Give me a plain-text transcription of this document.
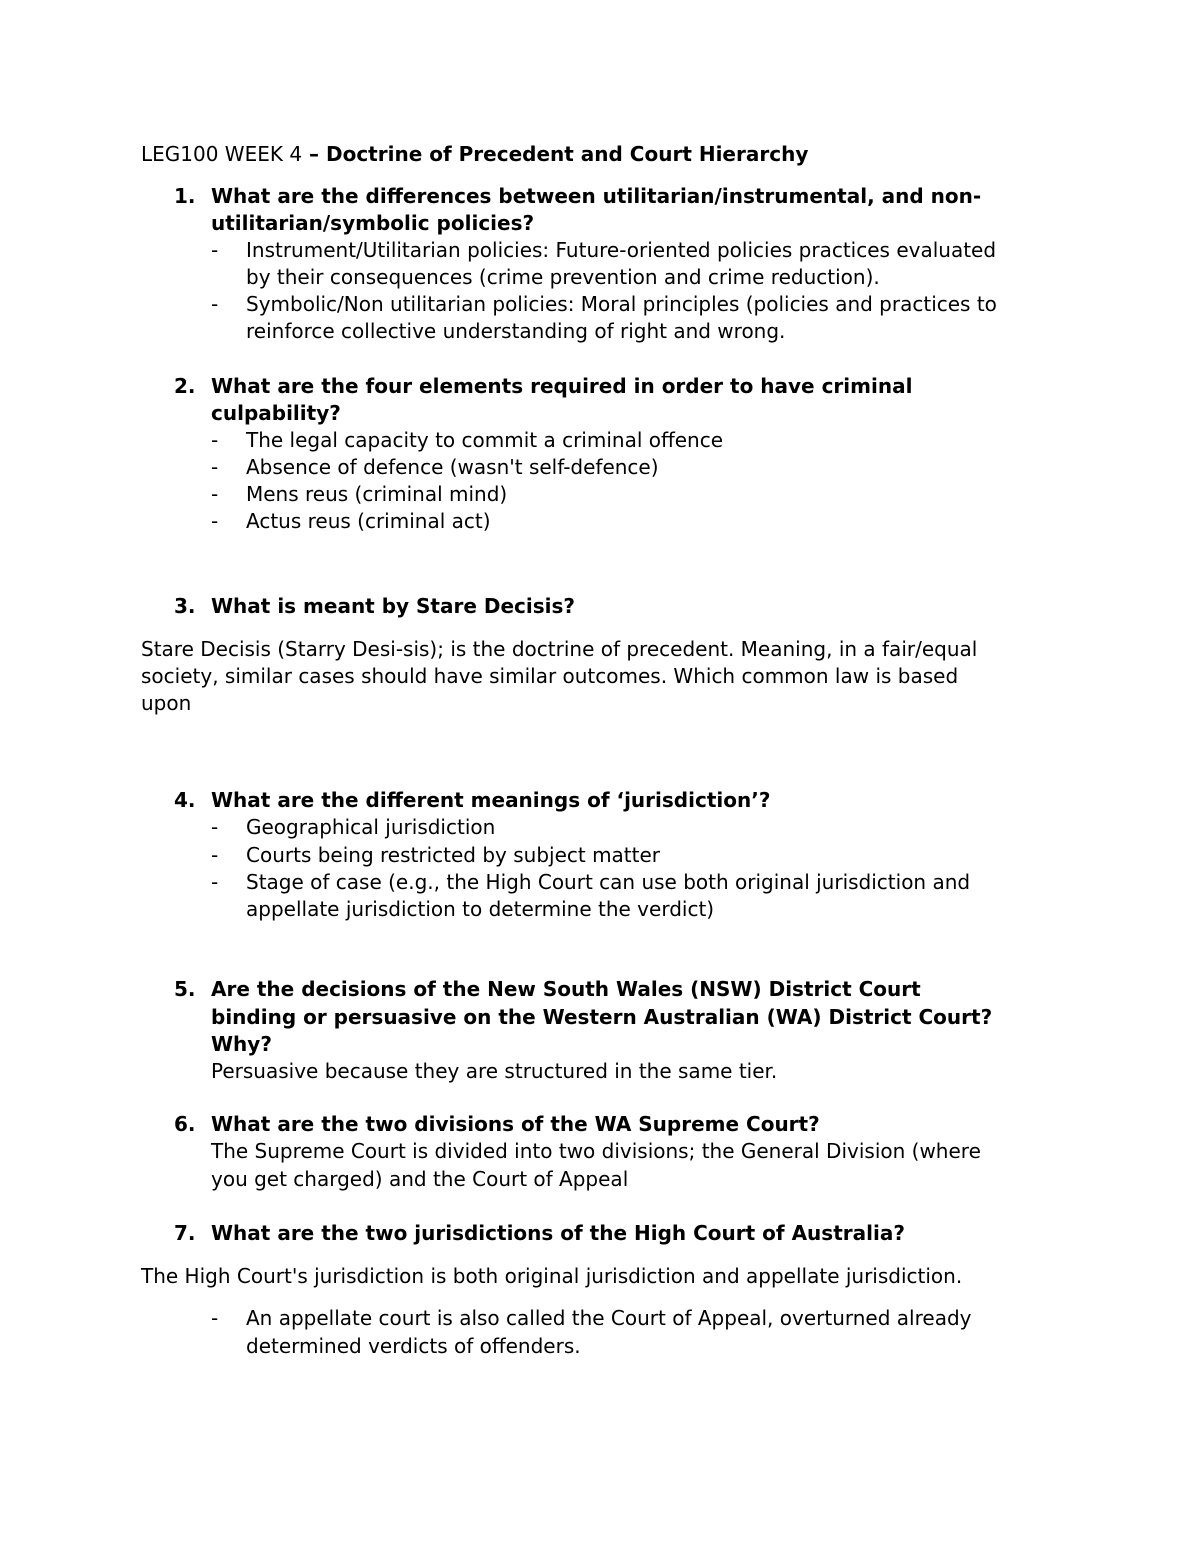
LEG100 WEEK 4 – Doctrine of Precedent and Court Hierarchy
1. What are the differences between utilitarian/instrumental, and non-
utilitarian/symbolic policies?
- Instrument/Utilitarian policies: Future-oriented policies practices evaluated
by their consequences (crime prevention and crime reduction).
- Symbolic/Non utilitarian policies: Moral principles (policies and practices to
reinforce collective understanding of right and wrong.
2. What are the four elements required in order to have criminal
culpability?
- The legal capacity to commit a criminal offence
- Absence of defence (wasn't self-defence)
- Mens reus (criminal mind)
- Actus reus (criminal act)
3. What is meant by Stare Decisis?
Stare Decisis (Starry Desi-sis); is the doctrine of precedent. Meaning, in a fair/equal
society, similar cases should have similar outcomes. Which common law is based
upon
4. What are the different meanings of ‘jurisdiction’?
- Geographical jurisdiction
- Courts being restricted by subject matter
- Stage of case (e.g., the High Court can use both original jurisdiction and
appellate jurisdiction to determine the verdict)
5. Are the decisions of the New South Wales (NSW) District Court
binding or persuasive on the Western Australian (WA) District Court?
Why?
Persuasive because they are structured in the same tier.
6. What are the two divisions of the WA Supreme Court?
The Supreme Court is divided into two divisions; the General Division (where
you get charged) and the Court of Appeal
7. What are the two jurisdictions of the High Court of Australia?
The High Court's jurisdiction is both original jurisdiction and appellate jurisdiction.
- An appellate court is also called the Court of Appeal, overturned already
determined verdicts of offenders.
